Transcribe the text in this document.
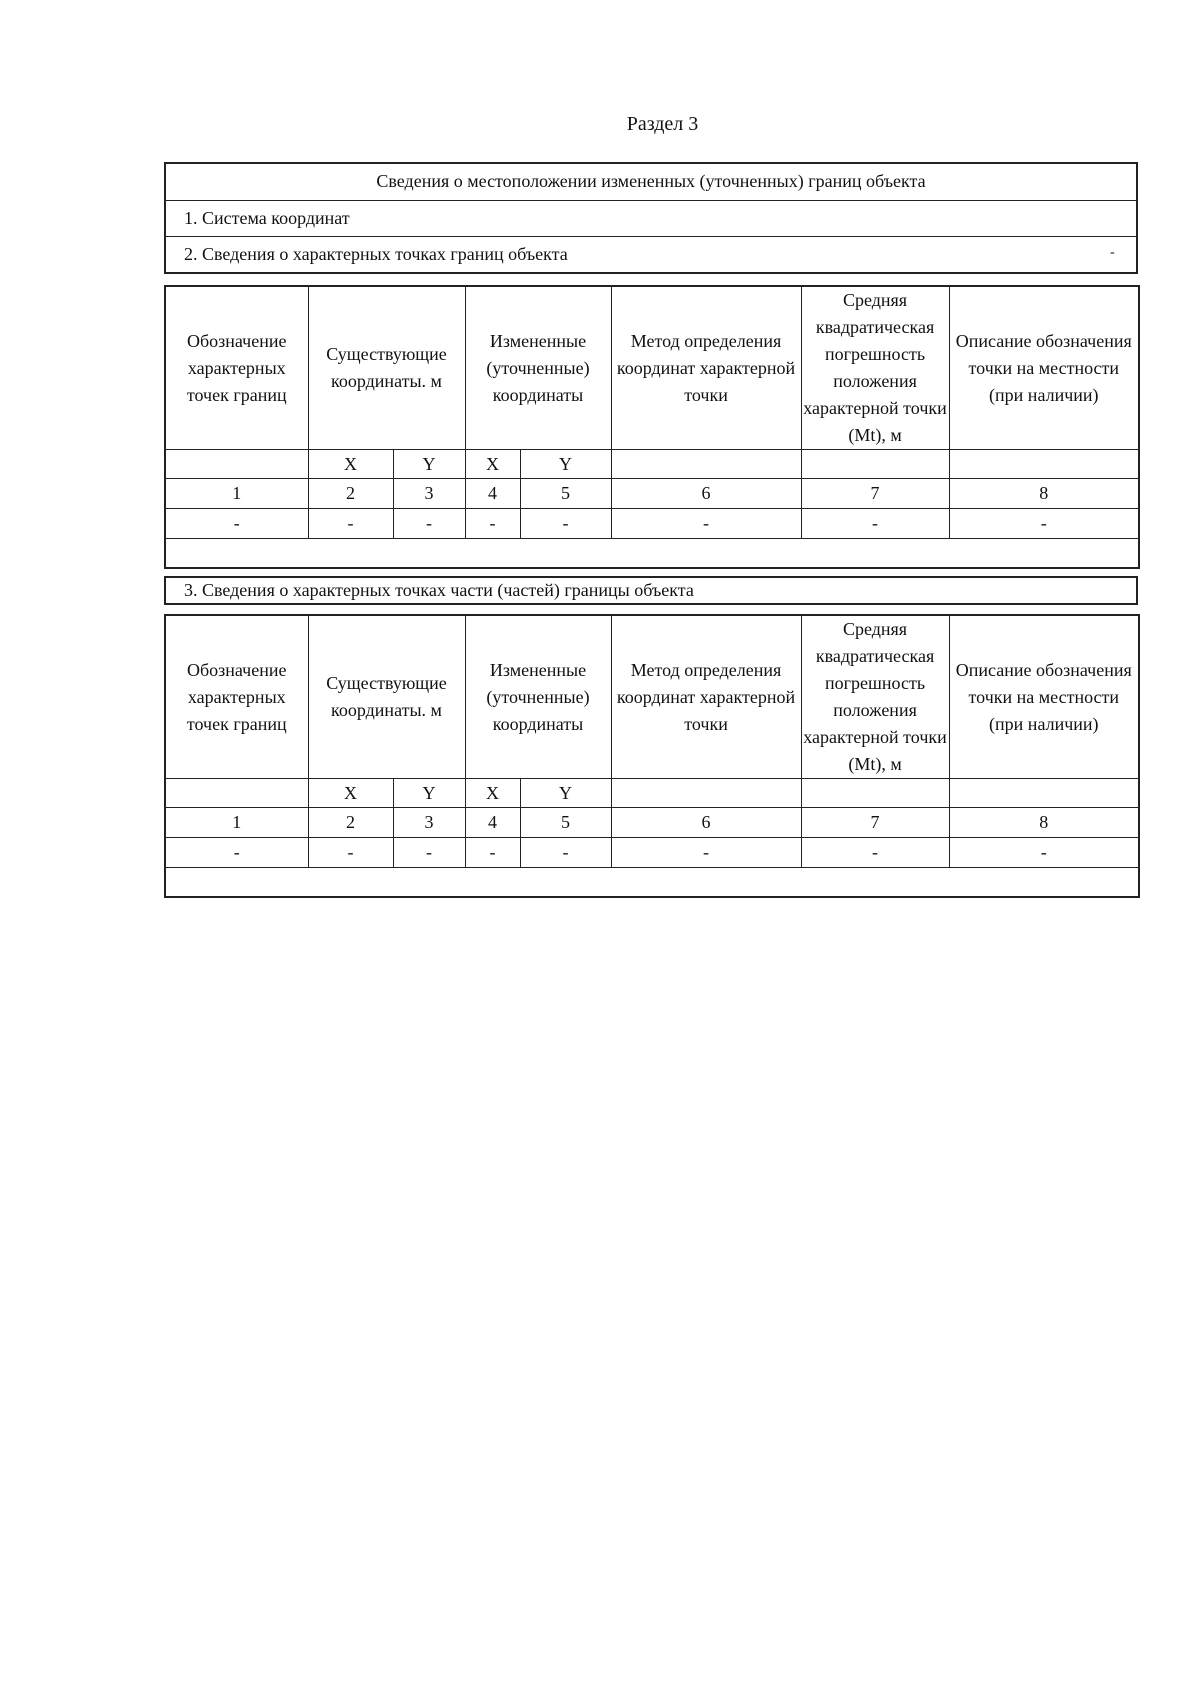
Раздел 3
Сведения о местоположении измененных (уточненных) границ объекта
1. Система координат
2. Сведения о характерных точках границ объекта	-
Обозначение характерных точек границ	Существующие координаты. м		Измененные (уточненные) координаты		Метод определения координат характерной точки	Средняя квадратическая погрешность положения характерной точки (Mt), м	Описание обозначения точки на местности (при наличии)
	X	Y	X	Y			
1	2	3	4	5	6	7	8
-	-	-	-	-	-	-	-

3. Сведения о характерных точках части (частей) границы объекта
Обозначение характерных точек границ	Существующие координаты. м		Измененные (уточненные) координаты		Метод определения координат характерной точки	Средняя квадратическая погрешность положения характерной точки (Mt), м	Описание обозначения точки на местности (при наличии)
	X	Y	X	Y			
1	2	3	4	5	6	7	8
-	-	-	-	-	-	-	-
